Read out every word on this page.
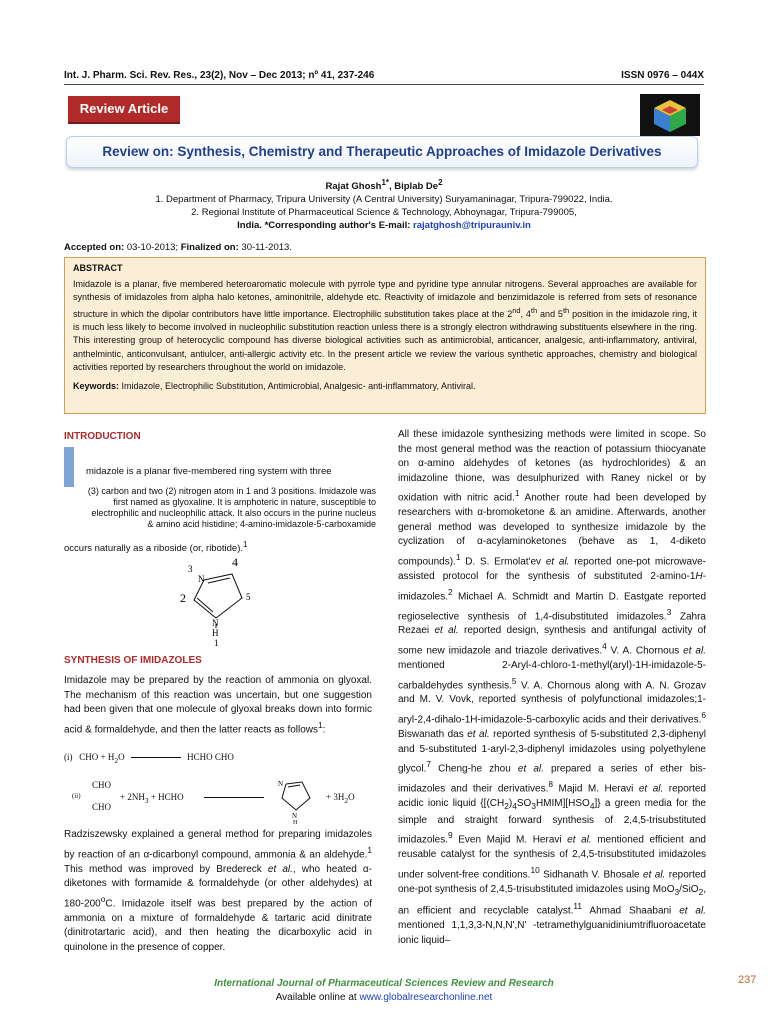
Int. J. Pharm. Sci. Rev. Res., 23(2), Nov – Dec 2013; nº 41, 237-246	ISSN 0976 – 044X
Review Article
Review on: Synthesis, Chemistry and Therapeutic Approaches of Imidazole Derivatives
Rajat Ghosh$^{1*}$, Biplab De$^2$
1. Department of Pharmacy, Tripura University (A Central University) Suryamaninagar, Tripura-799022, India.
2. Regional Institute of Pharmaceutical Science & Technology, Abhoynagar, Tripura-799005,
India. *Corresponding author's E-mail: rajatghosh@tripurauniv.in
Accepted on: 03-10-2013; Finalized on: 30-11-2013.
ABSTRACT
Imidazole is a planar, five membered heteroaromatic molecule with pyrrole type and pyridine type annular nitrogens. Several approaches are available for synthesis of imidazoles from alpha halo ketones, aminonitrile, aldehyde etc. Reactivity of imidazole and benzimidazole is referred from sets of resonance structure in which the dipolar contributors have little importance. Electrophilic substitution takes place at the 2nd, 4th and 5th position in the imidazole ring, it is much less likely to become involved in nucleophilic substitution reaction unless there is a strongly electron withdrawing substituents elsewhere in the ring. This interesting group of heterocyclic compound has diverse biological activities such as antimicrobial, anticancer, analgesic, anti-inflammatory, antiviral, anthelmintic, anticonvulsant, antiulcer, anti-allergic activity etc. In the present article we review the various synthetic approaches, chemistry and biological activities reported by researchers throughout the world on imidazole.
Keywords: Imidazole, Electrophilic Substitution, Antimicrobial, Analgesic- anti-inflammatory, Antiviral.
INTRODUCTION
midazole is a planar five-membered ring system with three
(3) carbon and two (2) nitrogen atom in 1 and 3 positions. Imidazole was first named as glyoxaline. It is amphoteric in nature, susceptible to electrophilic and nucleophilic attack. It also occurs in the purine nucleus & amino acid histidine; 4-amino-imidazole-5-carboxamide
occurs naturally as a riboside (or, ribotide).$^1$
3	4
2	5
N
N
H
1
SYNTHESIS OF IMIDAZOLES
Imidazole may be prepared by the reaction of ammonia on glyoxal. The mechanism of this reaction was uncertain, but one suggestion had been given that one molecule of glyoxal breaks down into formic acid & formaldehyde, and then the latter reacts as follows$^1$:
(i) CHO + $H_2O$	HCHO CHO
(ii)
CHO
CHO
+ $2NH_3$ + HCHO
N
N
H
+ $3H_2O$
Radziszewsky explained a general method for preparing imidazoles by reaction of an α-dicarbonyl compound, ammonia & an aldehyde.$^1$ This method was improved by Bredereck et al., who heated α-diketones with formamide & formaldehyde (or other aldehydes) at 180-200$^o$C. Imidazole itself was best prepared by the action of ammonia on a mixture of formaldehyde & tartaric acid dinitrate (dinitrotartaric acid), and then heating the dicarboxylic acid in quinolone in the presence of copper.
All these imidazole synthesizing methods were limited in scope. So the most general method was the reaction of potassium thiocyanate on α-amino aldehydes of ketones (as hydrochlorides) & an imidazoline thione, was desulphurized with Raney nickel or by oxidation with nitric acid.$^1$ Another route had been developed by researchers with α-bromoketone & an amidine. Afterwards, another general method was developed to synthesize imidazole by the cyclization of α-acylaminoketones (behave as 1, 4-diketo compounds).$^1$ D. S. Ermolat'ev et al. reported one-pot microwave-assisted protocol for the synthesis of substituted 2-amino-1H-imidazoles.$^2$ Michael A. Schmidt and Martin D. Eastgate reported regioselective synthesis of 1,4-disubstituted imidazoles.$^3$ Zahra Rezaei et al. reported design, synthesis and antifungal activity of some new imidazole and triazole derivatives.$^4$ V. A. Chornous et al. mentioned 2-Aryl-4-chloro-1-methyl(aryl)-1H-imidazole-5-carbaldehydes synthesis.$^5$ V. A. Chornous along with A. N. Grozav and M. V. Vovk, reported synthesis of polyfunctional imidazoles;1-aryl-2,4-dihalo-1H-imidazole-5-carboxylic acids and their derivatives.$^6$ Biswanath das et al. reported synthesis of 5-substituted 2,3-diphenyl and 5-substituted 1-aryl-2,3-diphenyl imidazoles using polyethylene glycol.$^7$ Cheng-he zhou et al. prepared a series of ether bis-imidazoles and their derivatives.$^8$ Majid M. Heravi et al. reported acidic ionic liquid $\{[(CH_2)_4SO_3HMIM][HSO_4]\}$ a green media for the simple and straight forward synthesis of 2,4,5-trisubstituted imidazoles.$^9$ Even Majid M. Heravi et al. mentioned efficient and reusable catalyst for the synthesis of 2,4,5-trisubstituted imidazoles under solvent-free conditions.$^{10}$ Sidhanath V. Bhosale et al. reported one-pot synthesis of 2,4,5-trisubstituted imidazoles using MoO$_3$/SiO$_2$, an efficient and recyclable catalyst.$^{11}$ Ahmad Shaabani et al. mentioned 1,1,3,3-N,N,N',N' -tetramethylguanidiniumtrifluoroacetate ionic liquid–
International Journal of Pharmaceutical Sciences Review and Research
Available online at www.globalresearchonline.net
237
